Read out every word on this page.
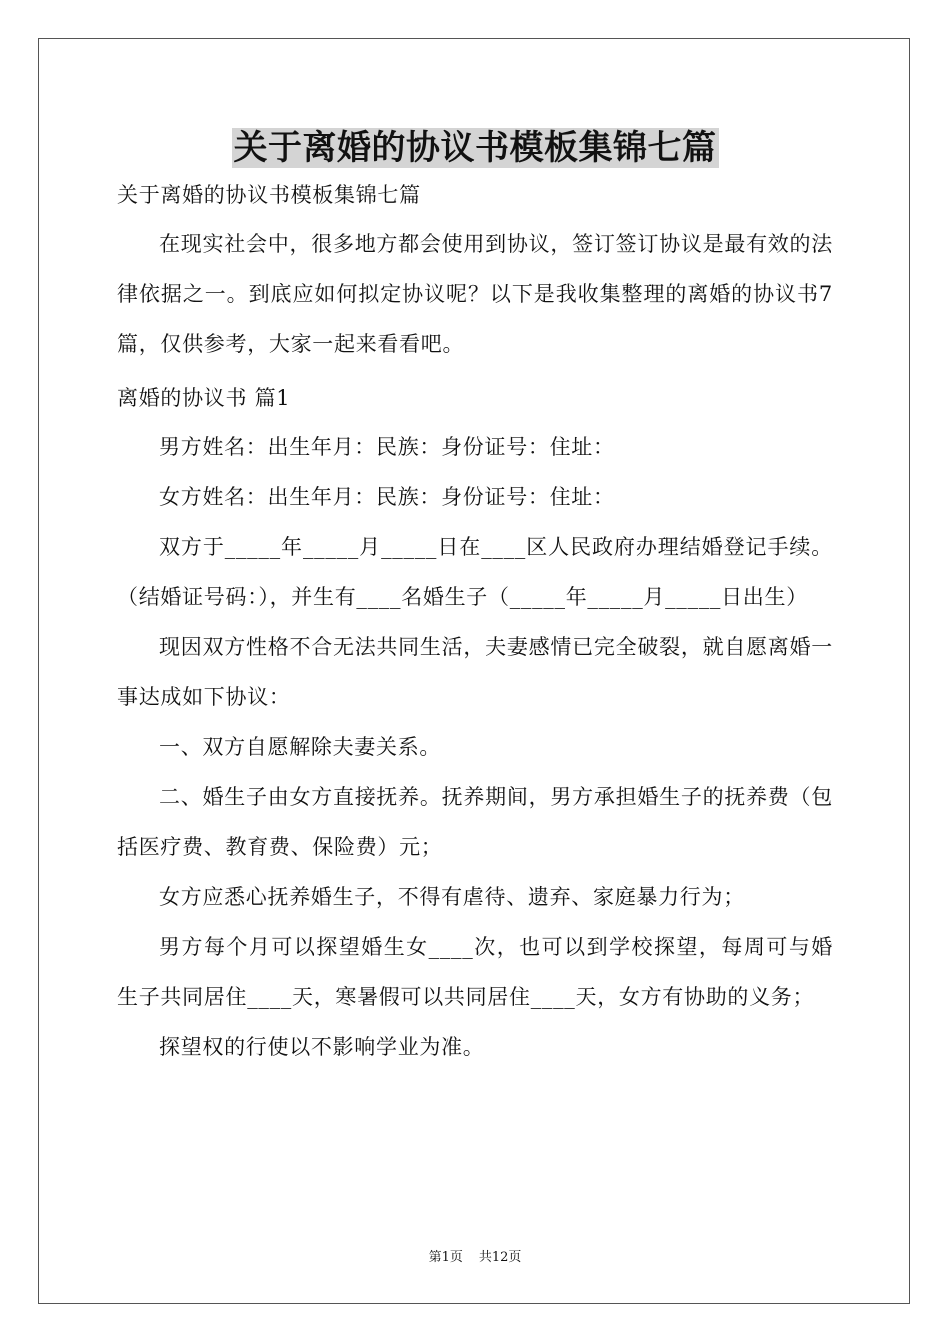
关于离婚的协议书模板集锦七篇

关于离婚的协议书模板集锦七篇

在现实社会中，很多地方都会使用到协议，签订签订协议是最有效的法律依据之一。到底应如何拟定协议呢？以下是我收集整理的离婚的协议书7篇，仅供参考，大家一起来看看吧。

离婚的协议书 篇1

男方姓名：出生年月：民族：身份证号：住址：

女方姓名：出生年月：民族：身份证号：住址：

双方于_____年_____月_____日在____区人民政府办理结婚登记手续。（结婚证号码：），并生有____名婚生子（_____年_____月_____日出生）

现因双方性格不合无法共同生活，夫妻感情已完全破裂，就自愿离婚一事达成如下协议：

一、双方自愿解除夫妻关系。

二、婚生子由女方直接抚养。抚养期间，男方承担婚生子的抚养费（包括医疗费、教育费、保险费）元；

女方应悉心抚养婚生子，不得有虐待、遗弃、家庭暴力行为；

男方每个月可以探望婚生女____次，也可以到学校探望，每周可与婚生子共同居住____天，寒暑假可以共同居住____天，女方有协助的义务；

探望权的行使以不影响学业为准。

第1页 共12页
